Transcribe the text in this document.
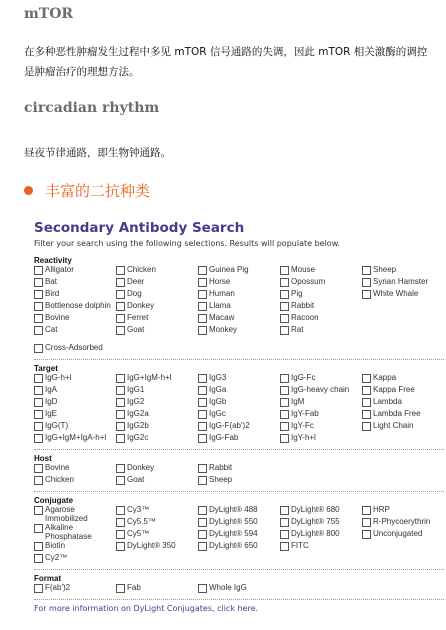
mTOR
在多种恶性肿瘤发生过程中多见 mTOR 信号通路的失调，因此 mTOR 相关激酶的调控是肿瘤治疗的理想方法。
circadian rhythm
昼夜节律通路，即生物钟通路。
丰富的二抗种类
Secondary Antibody Search
Filter your search using the following selections. Results will populate below.
Reactivity
Alligator
Bat
Bird
Bottlenose dolphin
Bovine
Cat
Chicken
Deer
Dog
Donkey
Ferret
Goat
Guinea Pig
Horse
Human
Llama
Macaw
Monkey
Mouse
Opossum
Pig
Rabbit
Racoon
Rat
Sheep
Syrian Hamster
White Whale
Cross-Adsorbed
Target
IgG-h+l
IgA
IgD
IgE
IgG(T)
IgG+IgM+IgA-h+l
IgG+IgM-h+l
IgG1
IgG2
IgG2a
IgG2b
IgG2c
IgG3
IgGa
IgGb
IgGc
IgG-F(ab')2
IgG-Fab
IgG-Fc
IgG-heavy chain
IgM
IgY-Fab
IgY-Fc
IgY-h+l
Kappa
Kappa Free
Lambda
Lambda Free
Light Chain
Host
Bovine
Chicken
Donkey
Goat
Rabbit
Sheep
Conjugate
Agarose Immobilized
Alkaline Phosphatase
Biotin
Cy2™
Cy3™
Cy5.5™
Cy5™
DyLight® 350
DyLight® 488
DyLight® 550
DyLight® 594
DyLight® 650
DyLight® 680
DyLight® 755
DyLight® 800
FITC
HRP
R-Phycoerythrin
Unconjugated
Format
F(ab')2	Fab	Whole IgG
For more information on DyLight Conjugates, click here.
